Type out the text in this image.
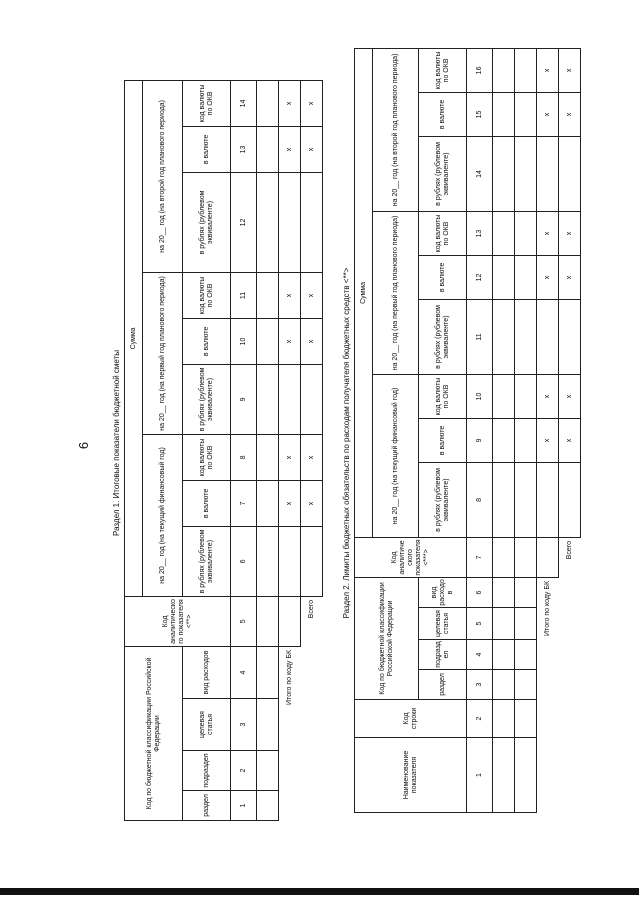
6	Раздел 1. Итоговые показатели бюджетной сметы
Код по бюджетной классификации Российской Федерации				Код аналитического показателя <**>	Сумма								
					на 20__ год (на текущий финансовый год)			на 20__ год (на первый год планового периода)			на 20__ год (на второй год планового периода)		
раздел	подраздел	целевая статья	вид расходов		в рублях (рублевом эквиваленте)	в валюте	код валюты по ОКВ	в рублях (рублевом эквиваленте)	в валюте	код валюты по ОКВ	в рублях (рублевом эквиваленте)	в валюте	код валюты по ОКВ
1	2	3	4	5	6	7	8	9	10	11	12	13	14

Итого по коду БК						x	x		x	x		x	x
Всего						x	x		x	x		x	x
Раздел 2. Лимиты бюджетных обязательств по расходам получателя бюджетных средств <**>
Наименование показателя	Код строки	Код по бюджетной классификации Российской Федерации				Код аналитического показателя <***>	Сумма								
							на 20__ год (на текущий финансовый год)			на 20__ год (на первый год планового периода)			на 20__ год (на второй год планового периода)		
		раздел	подраздел	целевая статья	вид расходов		в рублях (рублевом эквиваленте)	в валюте	код валюты по ОКВ	в рублях (рублевом эквиваленте)	в валюте	код валюты по ОКВ	в рублях (рублевом эквиваленте)	в валюте	код валюты по ОКВ
1	2	3	4	5	6	7	8	9	10	11	12	13	14	15	16

Итого по коду БК								x	x		x	x		x	x
Всего								x	x		x	x		x	x
